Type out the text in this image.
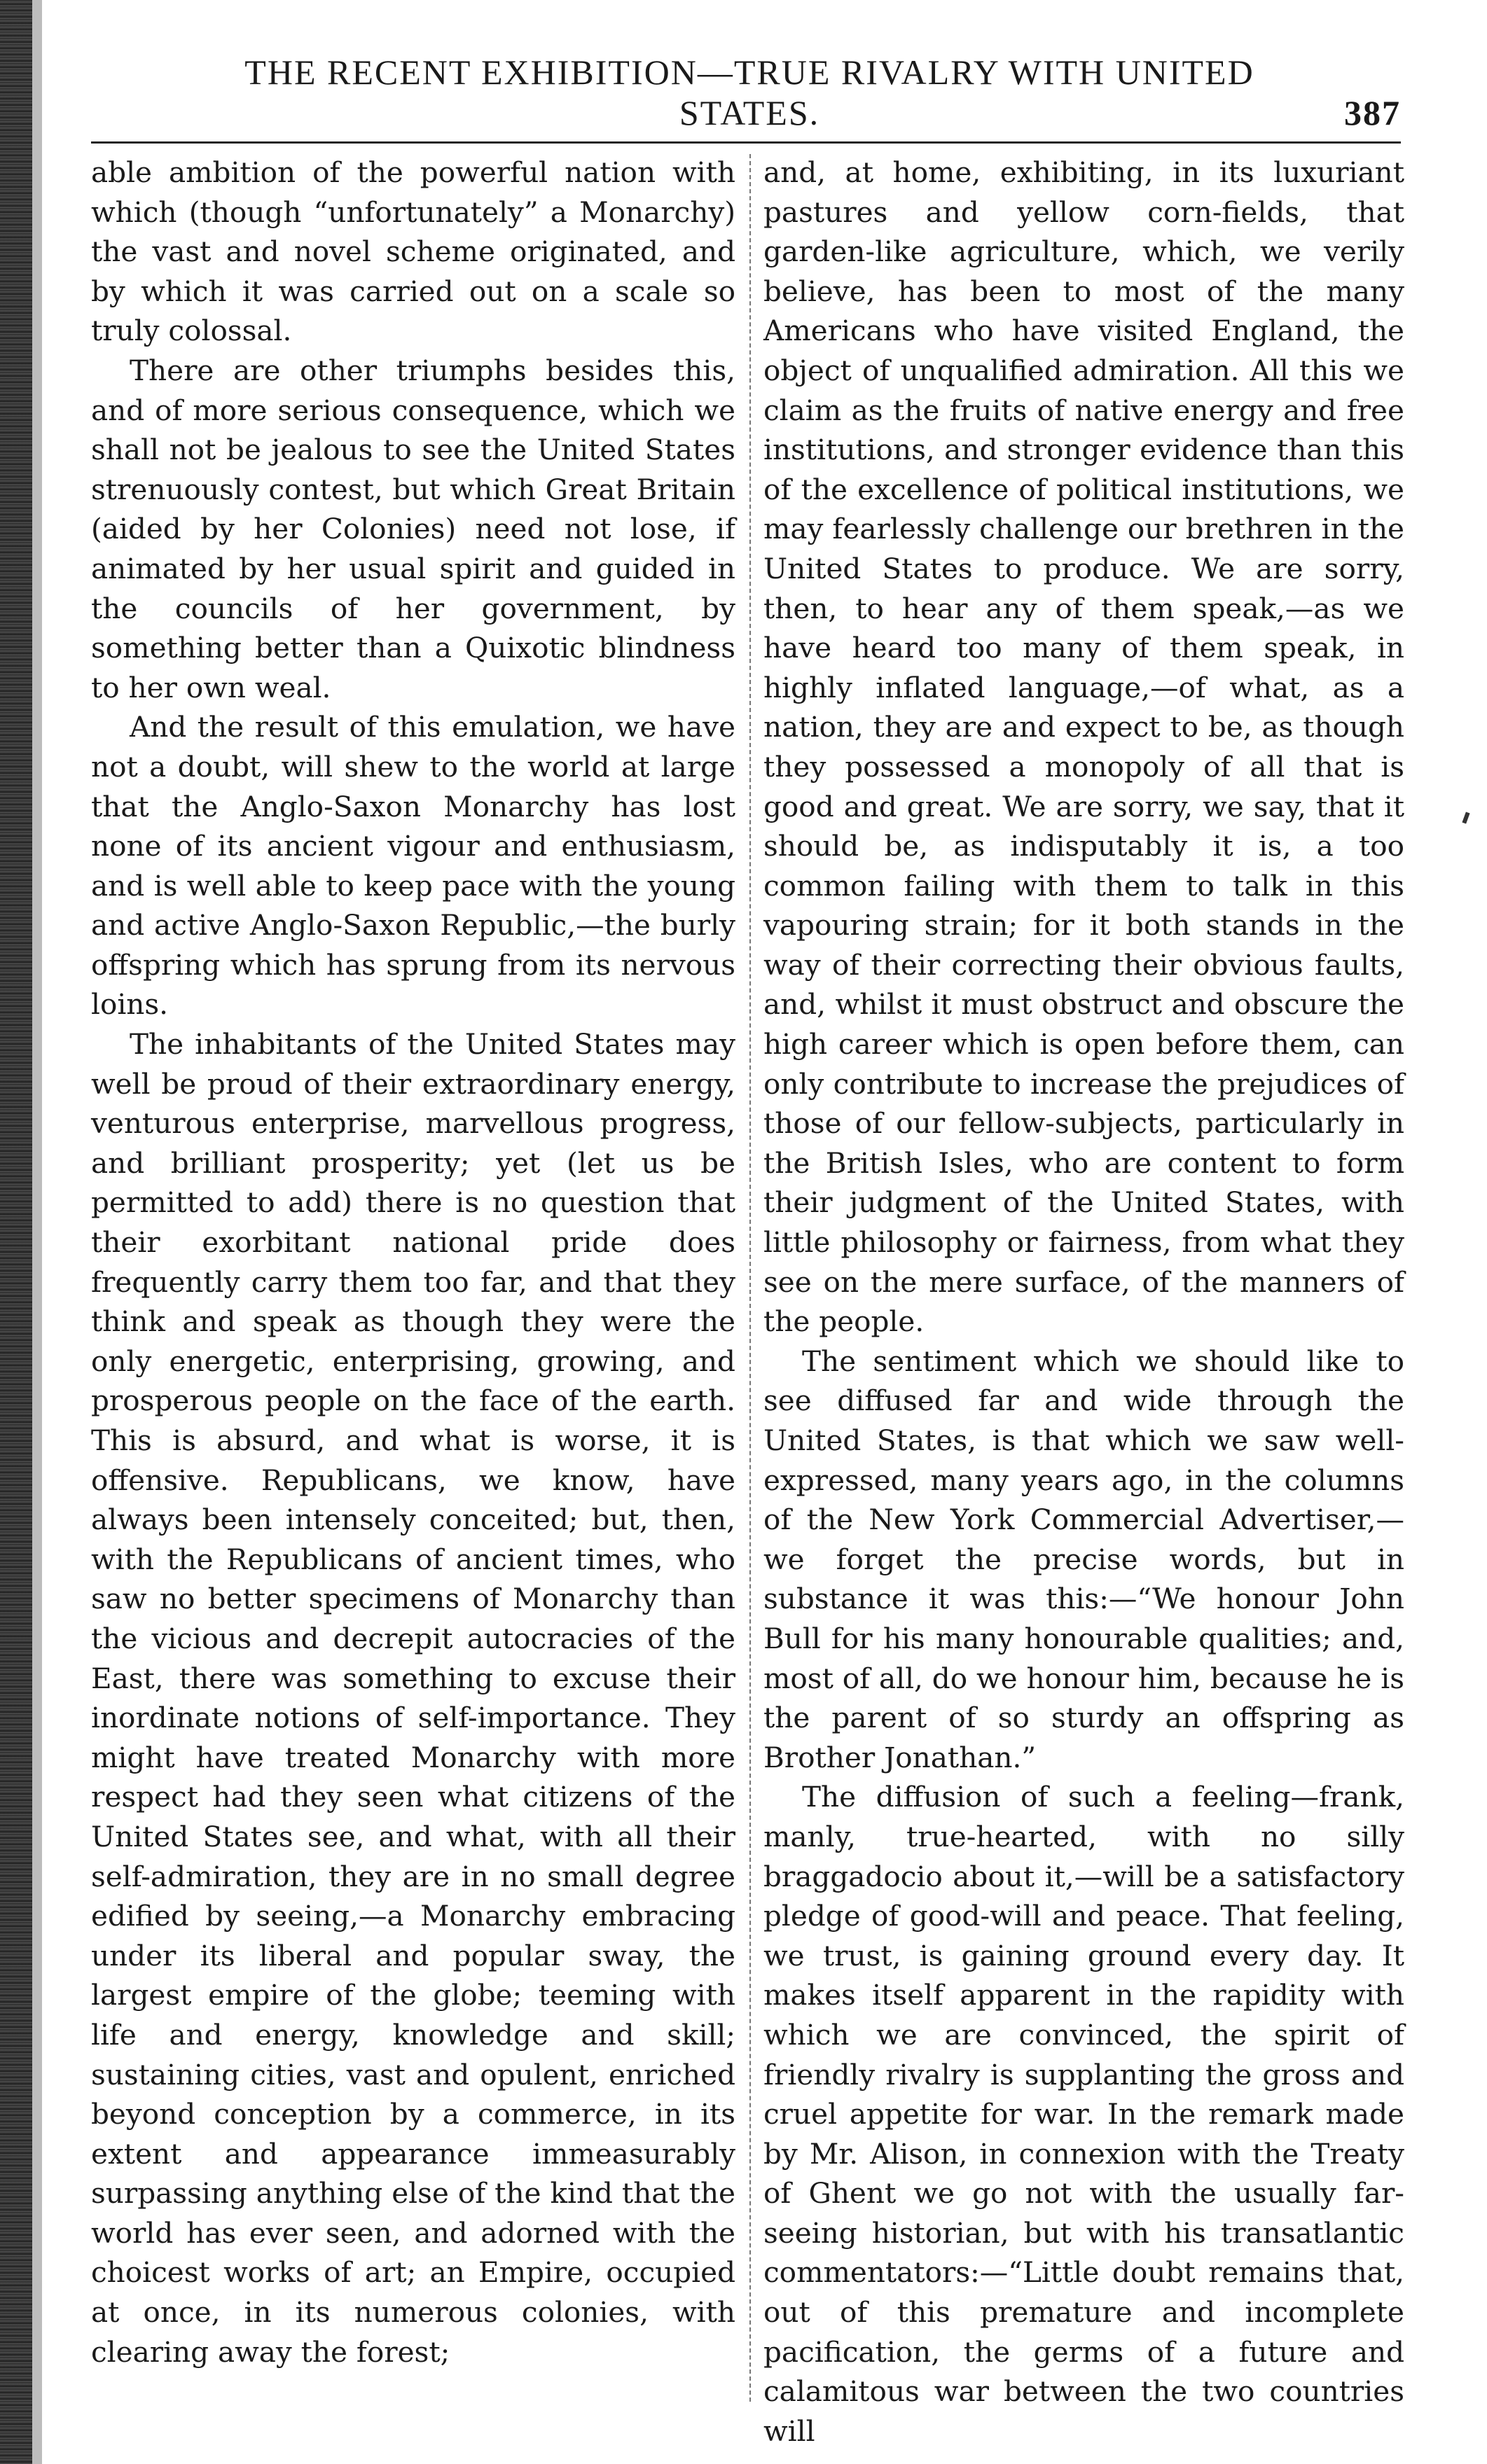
THE RECENT EXHIBITION—TRUE RIVALRY WITH UNITED STATES.	387

able ambition of the powerful nation with which (though “unfortunately” a Monarchy) the vast and novel scheme originated, and by which it was carried out on a scale so truly colossal.

There are other triumphs besides this, and of more serious consequence, which we shall not be jealous to see the United States strenuously contest, but which Great Britain (aided by her Colonies) need not lose, if animated by her usual spirit and guided in the councils of her government, by something better than a Quixotic blindness to her own weal.

And the result of this emulation, we have not a doubt, will shew to the world at large that the Anglo-Saxon Monarchy has lost none of its ancient vigour and enthusiasm, and is well able to keep pace with the young and active Anglo-Saxon Republic,—the burly offspring which has sprung from its nervous loins.

The inhabitants of the United States may well be proud of their extraordinary energy, venturous enterprise, marvellous progress, and brilliant prosperity; yet (let us be permitted to add) there is no question that their exorbitant national pride does frequently carry them too far, and that they think and speak as though they were the only energetic, enterprising, growing, and prosperous people on the face of the earth. This is absurd, and what is worse, it is offensive. Republicans, we know, have always been intensely conceited; but, then, with the Republicans of ancient times, who saw no better specimens of Monarchy than the vicious and decrepit autocracies of the East, there was something to excuse their inordinate notions of self-importance. They might have treated Monarchy with more respect had they seen what citizens of the United States see, and what, with all their self-admiration, they are in no small degree edified by seeing,—a Monarchy embracing under its liberal and popular sway, the largest empire of the globe; teeming with life and energy, knowledge and skill; sustaining cities, vast and opulent, enriched beyond conception by a commerce, in its extent and appearance immeasurably surpassing anything else of the kind that the world has ever seen, and adorned with the choicest works of art; an Empire, occupied at once, in its numerous colonies, with clearing away the forest;

and, at home, exhibiting, in its luxuriant pastures and yellow corn-fields, that garden-like agriculture, which, we verily believe, has been to most of the many Americans who have visited England, the object of unqualified admiration. All this we claim as the fruits of native energy and free institutions, and stronger evidence than this of the excellence of political institutions, we may fearlessly challenge our brethren in the United States to produce. We are sorry, then, to hear any of them speak,—as we have heard too many of them speak, in highly inflated language,—of what, as a nation, they are and expect to be, as though they possessed a monopoly of all that is good and great. We are sorry, we say, that it should be, as indisputably it is, a too common failing with them to talk in this vapouring strain; for it both stands in the way of their correcting their obvious faults, and, whilst it must obstruct and obscure the high career which is open before them, can only contribute to increase the prejudices of those of our fellow-subjects, particularly in the British Isles, who are content to form their judgment of the United States, with little philosophy or fairness, from what they see on the mere surface, of the manners of the people.

The sentiment which we should like to see diffused far and wide through the United States, is that which we saw well-expressed, many years ago, in the columns of the New York Commercial Advertiser,—we forget the precise words, but in substance it was this:—“We honour John Bull for his many honourable qualities; and, most of all, do we honour him, because he is the parent of so sturdy an offspring as Brother Jonathan.”

The diffusion of such a feeling—frank, manly, true-hearted, with no silly braggadocio about it,—will be a satisfactory pledge of good-will and peace. That feeling, we trust, is gaining ground every day. It makes itself apparent in the rapidity with which we are convinced, the spirit of friendly rivalry is supplanting the gross and cruel appetite for war. In the remark made by Mr. Alison, in connexion with the Treaty of Ghent we go not with the usually far-seeing historian, but with his transatlantic commentators:—“Little doubt remains that, out of this premature and incomplete pacification, the germs of a future and calamitous war between the two countries will
